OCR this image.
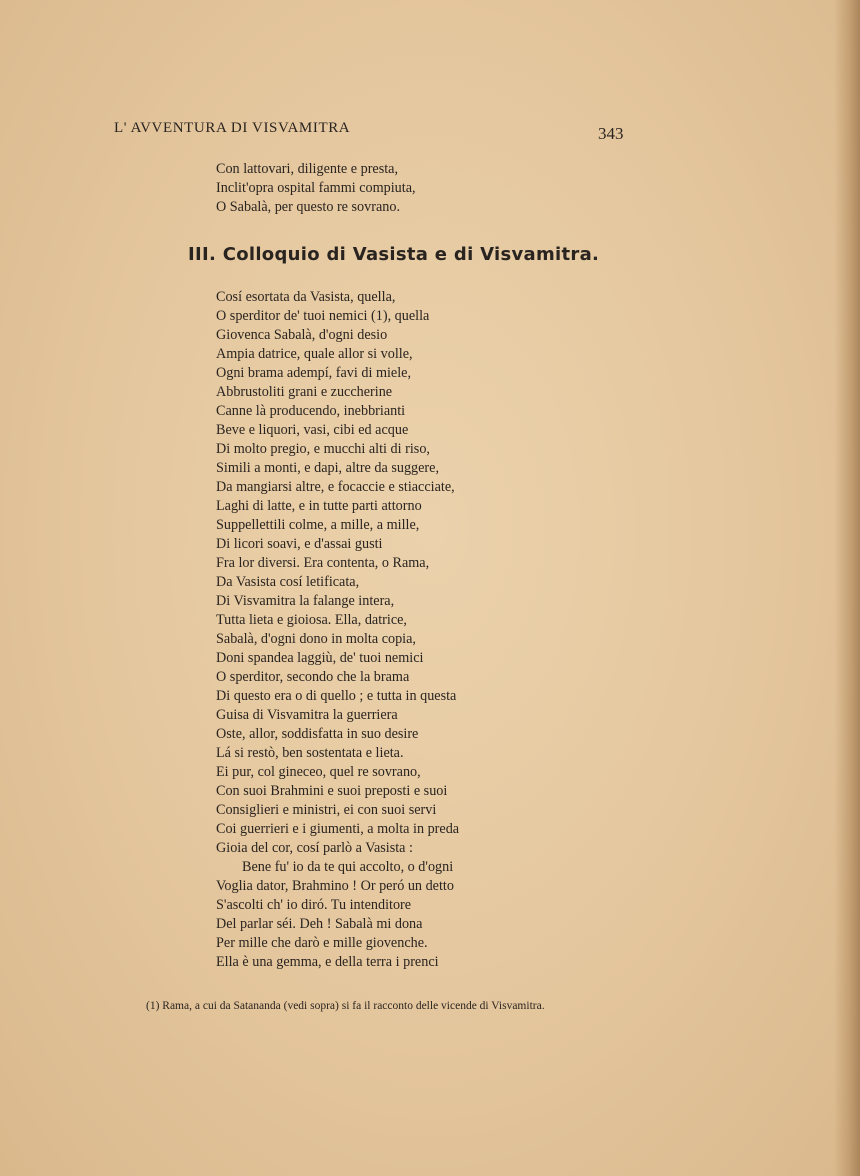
L' AVVENTURA DI VISVAMITRA	343
Con lattovari, diligente e presta,
Inclit'opra ospital fammi compiuta,
O Sabalà, per questo re sovrano.
III. Colloquio di Vasista e di Visvamitra.
Cosí esortata da Vasista, quella,
O sperditor de' tuoi nemici (1), quella
Giovenca Sabalà, d'ogni desio
Ampia datrice, quale allor si volle,
Ogni brama adempí, favi di miele,
Abbrustoliti grani e zuccherine
Canne là producendo, inebbrianti
Beve e liquori, vasi, cibi ed acque
Di molto pregio, e mucchi alti di riso,
Simili a monti, e dapi, altre da suggere,
Da mangiarsi altre, e focaccie e stiacciate,
Laghi di latte, e in tutte parti attorno
Suppellettili colme, a mille, a mille,
Di licori soavi, e d'assai gusti
Fra lor diversi. Era contenta, o Rama,
Da Vasista cosí letificata,
Di Visvamitra la falange intera,
Tutta lieta e gioiosa. Ella, datrice,
Sabalà, d'ogni dono in molta copia,
Doni spandea laggiù, de' tuoi nemici
O sperditor, secondo che la brama
Di questo era o di quello ; e tutta in questa
Guisa di Visvamitra la guerriera
Oste, allor, soddisfatta in suo desire
Lá si restò, ben sostentata e lieta.
Ei pur, col gineceo, quel re sovrano,
Con suoi Brahmini e suoi preposti e suoi
Consiglieri e ministri, ei con suoi servi
Coi guerrieri e i giumenti, a molta in preda
Gioia del cor, cosí parlò a Vasista :
Bene fu' io da te qui accolto, o d'ogni
Voglia dator, Brahmino ! Or peró un detto
S'ascolti ch' io diró. Tu intenditore
Del parlar séi. Deh ! Sabalà mi dona
Per mille che darò e mille giovenche.
Ella è una gemma, e della terra i prenci
(1) Rama, a cui da Satananda (vedi sopra) si fa il racconto delle vicende di Visvamitra.
